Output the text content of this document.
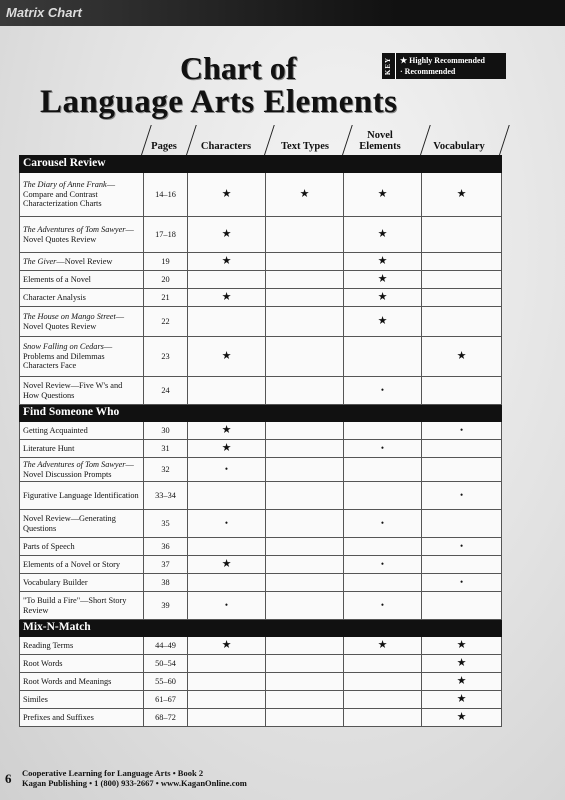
Matrix Chart
Chart of
Language Arts Elements
KEY ★ Highly Recommended
· Recommended
Pages	Characters	Text Types
Novel Elements	Vocabulary
Carousel Review					
The Diary of Anne Frank—Compare and Contrast Characterization Charts	14–16	★	★	★	★
The Adventures of Tom Sawyer—Novel Quotes Review	17–18	★		★	
The Giver—Novel Review	19	★		★	
Elements of a Novel	20			★	
Character Analysis	21	★		★	
The House on Mango Street—Novel Quotes Review	22			★	
Snow Falling on Cedars—Problems and Dilemmas Characters Face	23	★			★
Novel Review—Five W's and How Questions	24			•	
Find Someone Who					
Getting Acquainted	30	★			•
Literature Hunt	31	★		•	
The Adventures of Tom Sawyer—Novel Discussion Prompts	32	•			
Figurative Language Identification	33–34				•
Novel Review—Generating Questions	35	•		•	
Parts of Speech	36				•
Elements of a Novel or Story	37	★		•	
Vocabulary Builder	38				•
"To Build a Fire"—Short Story Review	39	•		•	
Mix-N-Match					
Reading Terms	44–49	★		★	★
Root Words	50–54				★
Root Words and Meanings	55–60				★
Similes	61–67				★
Prefixes and Suffixes	68–72				★
6 Cooperative Learning for Language Arts • Book 2
Kagan Publishing • 1 (800) 933-2667 • www.KaganOnline.com
